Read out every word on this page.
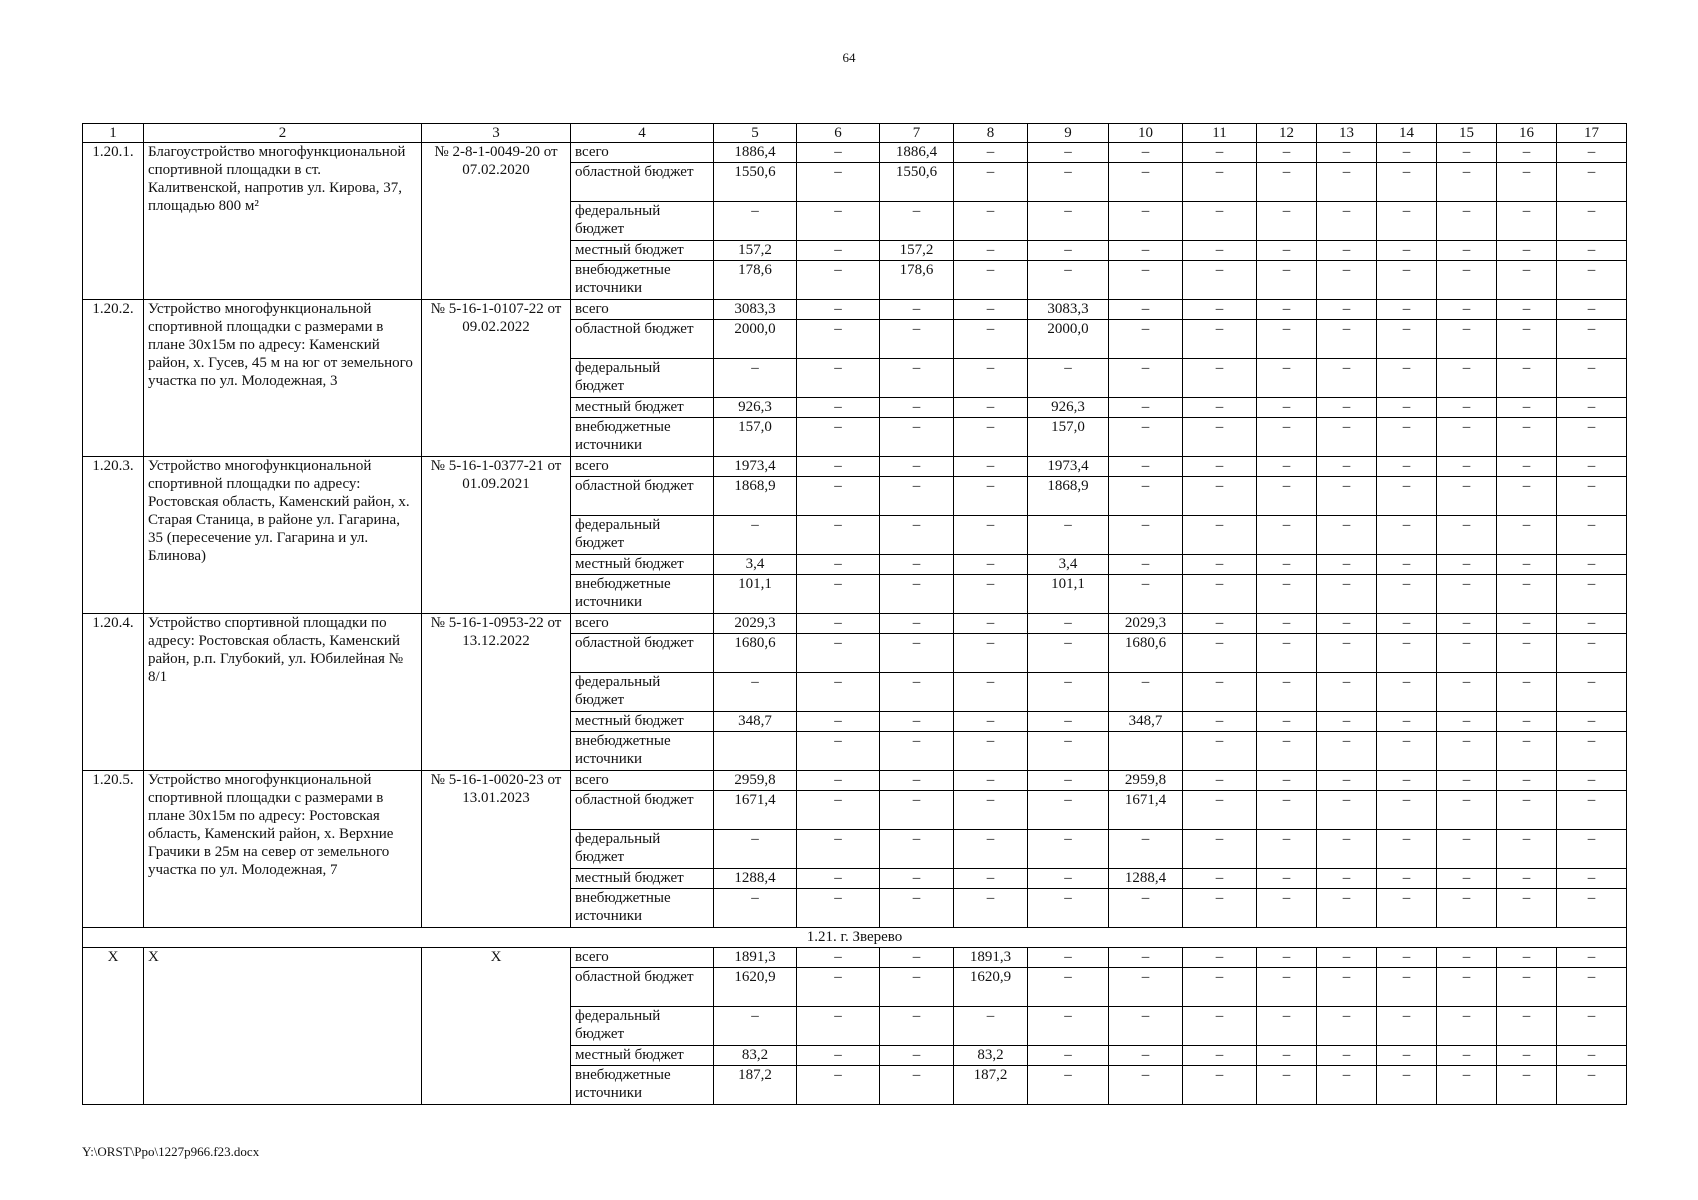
64
1	2	3	4	5	6	7	8	9	10	11	12	13	14	15	16	17
1.20.1.	Благоустройство многофункциональной спортивной площадки в ст. Калитвенской, напротив ул. Кирова, 37, площадью 800 м²	№ 2-8-1-0049-20 от 07.02.2020	всего	1886,4	–	1886,4	–	–	–	–	–	–	–	–	–	–
			областной бюджет	1550,6	–	1550,6	–	–	–	–	–	–	–	–	–	–
			федеральный бюджет	–	–	–	–	–	–	–	–	–	–	–	–	–
			местный бюджет	157,2	–	157,2	–	–	–	–	–	–	–	–	–	–
			внебюджетные источники	178,6	–	178,6	–	–	–	–	–	–	–	–	–	–
1.20.2.	Устройство многофункциональной спортивной площадки с размерами в плане 30х15м по адресу: Каменский район, х. Гусев, 45 м на юг от земельного участка по ул. Молодежная, 3	№ 5-16-1-0107-22 от 09.02.2022	всего	3083,3	–	–	–	3083,3	–	–	–	–	–	–	–	–
			областной бюджет	2000,0	–	–	–	2000,0	–	–	–	–	–	–	–	–
			федеральный бюджет	–	–	–	–	–	–	–	–	–	–	–	–	–
			местный бюджет	926,3	–	–	–	926,3	–	–	–	–	–	–	–	–
			внебюджетные источники	157,0	–	–	–	157,0	–	–	–	–	–	–	–	–
1.20.3.	Устройство многофункциональной спортивной площадки по адресу: Ростовская область, Каменский район, х. Старая Станица, в районе ул. Гагарина, 35 (пересечение ул. Гагарина и ул. Блинова)	№ 5-16-1-0377-21 от 01.09.2021	всего	1973,4	–	–	–	1973,4	–	–	–	–	–	–	–	–
			областной бюджет	1868,9	–	–	–	1868,9	–	–	–	–	–	–	–	–
			федеральный бюджет	–	–	–	–	–	–	–	–	–	–	–	–	–
			местный бюджет	3,4	–	–	–	3,4	–	–	–	–	–	–	–	–
			внебюджетные источники	101,1	–	–	–	101,1	–	–	–	–	–	–	–	–
1.20.4.	Устройство спортивной площадки по адресу: Ростовская область, Каменский район, р.п. Глубокий, ул. Юбилейная № 8/1	№ 5-16-1-0953-22 от 13.12.2022	всего	2029,3	–	–	–	–	2029,3	–	–	–	–	–	–	–
			областной бюджет	1680,6	–	–	–	–	1680,6	–	–	–	–	–	–	–
			федеральный бюджет	–	–	–	–	–	–	–	–	–	–	–	–	–
			местный бюджет	348,7	–	–	–	–	348,7	–	–	–	–	–	–	–
			внебюджетные источники		–	–	–	–		–	–	–	–	–	–	–
1.20.5.	Устройство многофункциональной спортивной площадки с размерами в плане 30х15м по адресу: Ростовская область, Каменский район, х. Верхние Грачики в 25м на север от земельного участка по ул. Молодежная, 7	№ 5-16-1-0020-23 от 13.01.2023	всего	2959,8	–	–	–	–	2959,8	–	–	–	–	–	–	–
			областной бюджет	1671,4	–	–	–	–	1671,4	–	–	–	–	–	–	–
			федеральный бюджет	–	–	–	–	–	–	–	–	–	–	–	–	–
			местный бюджет	1288,4	–	–	–	–	1288,4	–	–	–	–	–	–	–
			внебюджетные источники	–	–	–	–	–	–	–	–	–	–	–	–	–
1.21. г. Зверево																
Х	Х	Х	всего	1891,3	–	–	1891,3	–	–	–	–	–	–	–	–	–
			областной бюджет	1620,9	–	–	1620,9	–	–	–	–	–	–	–	–	–
			федеральный бюджет	–	–	–	–	–	–	–	–	–	–	–	–	–
			местный бюджет	83,2	–	–	83,2	–	–	–	–	–	–	–	–	–
			внебюджетные источники	187,2	–	–	187,2	–	–	–	–	–	–	–	–	–
Y:\ORST\Ppo\1227p966.f23.docx
